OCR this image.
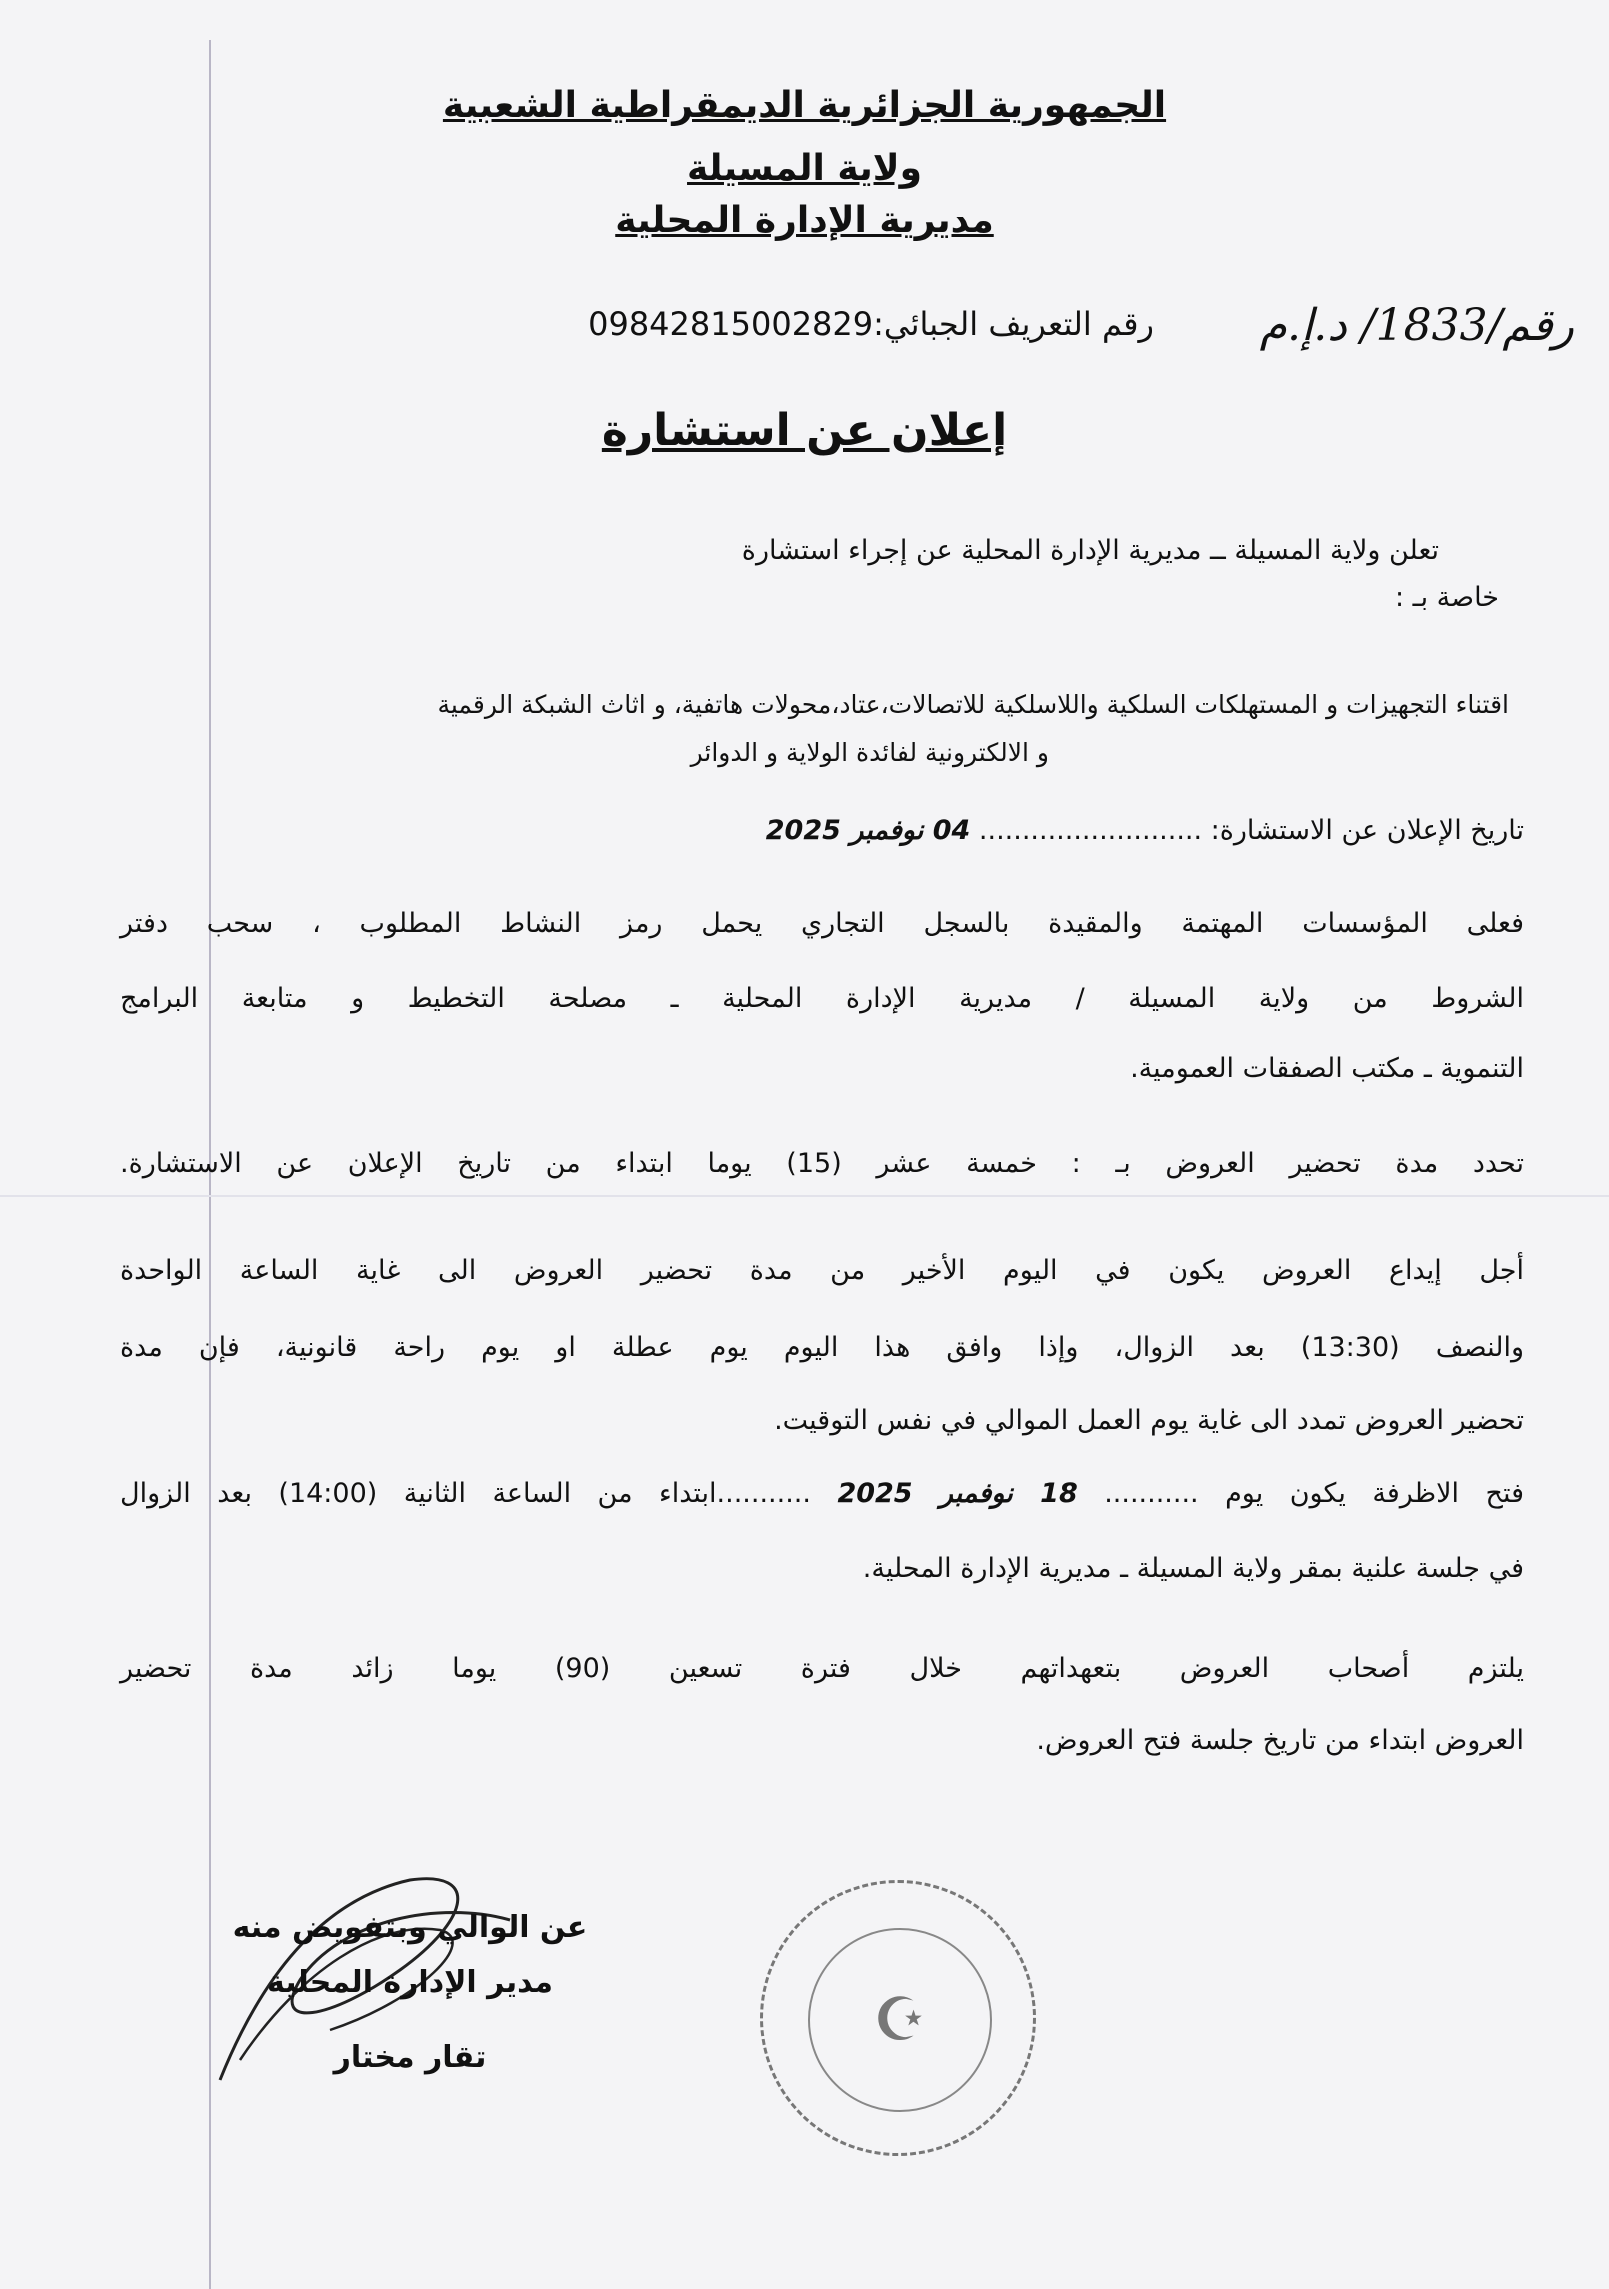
الجمهورية الجزائرية الديمقراطية الشعبية
ولاية المسيلة
مديرية الإدارة المحلية
رقم/1833/ د.إ.م
رقم التعريف الجبائي:09842815002829
إعلان عن استشارة
تعلن ولاية المسيلة ــ مديرية الإدارة المحلية عن إجراء استشارة
خاصة بـ :
اقتناء التجهيزات و المستهلكات السلكية واللاسلكية للاتصالات،عتاد،محولات هاتفية، و اثاث الشبكة الرقمية
و الالكترونية لفائدة الولاية و الدوائر
تاريخ الإعلان عن الاستشارة: .......................... 04 نوفمبر 2025
فعلى المؤسسات المهتمة والمقيدة بالسجل التجاري يحمل رمز النشاط المطلوب ، سحب دفتر
الشروط من ولاية المسيلة / مديرية الإدارة المحلية ـ مصلحة التخطيط و متابعة البرامج
التنموية ـ مكتب الصفقات العمومية.
تحدد مدة تحضير العروض بـ : خمسة عشر (15) يوما ابتداء من تاريخ الإعلان عن الاستشارة.
أجل إيداع العروض يكون في اليوم الأخير من مدة تحضير العروض الى غاية الساعة الواحدة
والنصف (13:30) بعد الزوال، وإذا وافق هذا اليوم يوم عطلة او يوم راحة قانونية، فإن مدة
تحضير العروض تمدد الى غاية يوم العمل الموالي في نفس التوقيت.
فتح الاظرفة يكون يوم ........... 18 نوفمبر 2025 ...........ابتداء من الساعة الثانية (14:00) بعد الزوال
في جلسة علنية بمقر ولاية المسيلة ـ مديرية الإدارة المحلية.
يلتزم أصحاب العروض بتعهداتهم خلال فترة تسعين (90) يوما زائد مدة تحضير
العروض ابتداء من تاريخ جلسة فتح العروض.
عن الوالي وبتفويض منه
مدير الإدارة المحلية
تقار مختار
☪
